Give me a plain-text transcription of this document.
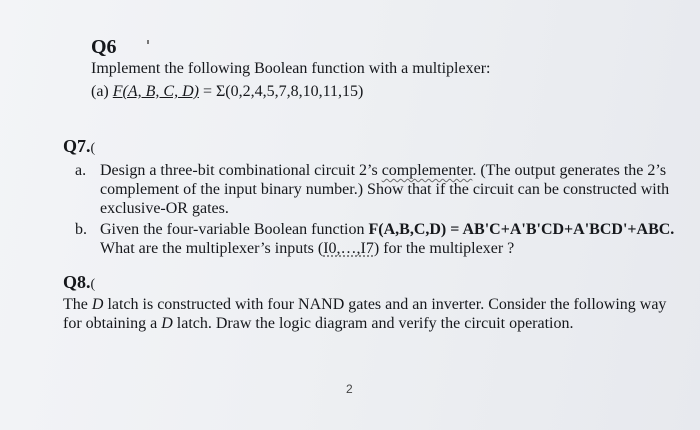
Q6
Implement the following Boolean function with a multiplexer:
(a) F(A, B, C, D) = Σ(0,2,4,5,7,8,10,11,15)
Q7.(
a. Design a three-bit combinational circuit 2’s complementer. (The output generates the 2’s
complement of the input binary number.) Show that if the circuit can be constructed with
exclusive-OR gates.
b. Given the four-variable Boolean function F(A,B,C,D) = AB'C+A'B'CD+A'BCD'+ABC.
What are the multiplexer’s inputs (I0,…,I7) for the multiplexer ?
Q8.(
The D latch is constructed with four NAND gates and an inverter. Consider the following way
for obtaining a D latch. Draw the logic diagram and verify the circuit operation.
2
